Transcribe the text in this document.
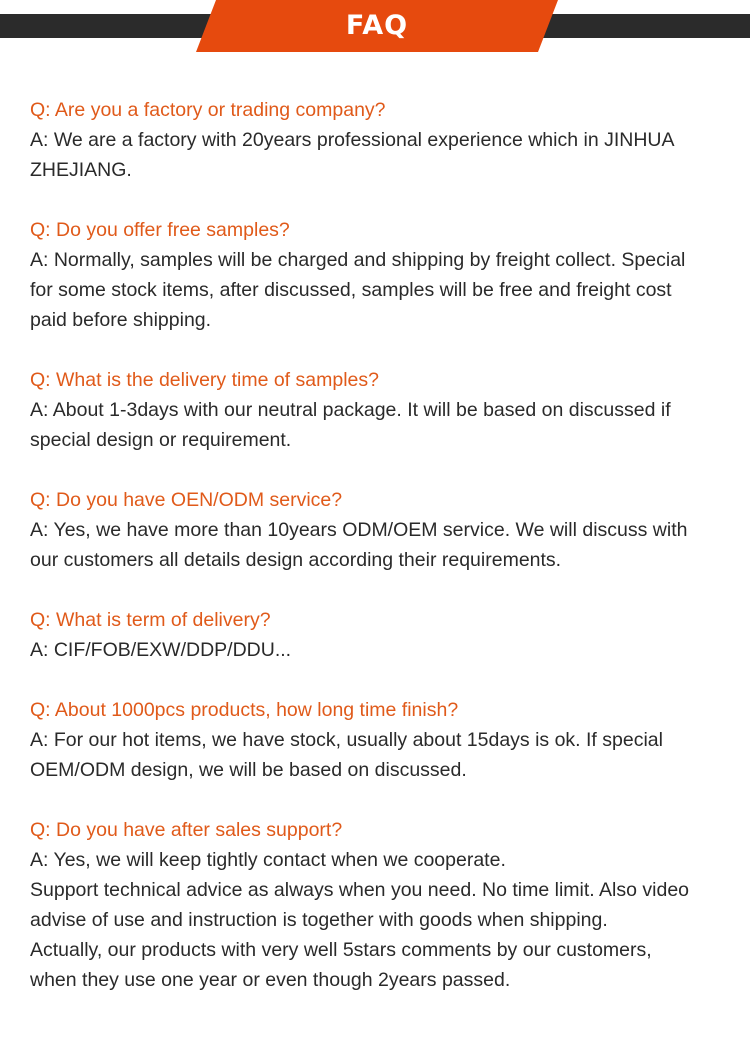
FAQ
Q: Are you a factory or trading company?
A: We are a factory with 20years professional experience which in JINHUA
ZHEJIANG.
Q: Do you offer free samples?
A: Normally, samples will be charged and shipping by freight collect. Special
for some stock items, after discussed, samples will be free and freight cost
paid before shipping.
Q: What is the delivery time of samples?
A: About 1-3days with our neutral package. It will be based on discussed if
special design or requirement.
Q: Do you have OEN/ODM service?
A: Yes, we have more than 10years ODM/OEM service. We will discuss with
our customers all details design according their requirements.
Q: What is term of delivery?
A: CIF/FOB/EXW/DDP/DDU...
Q: About 1000pcs products, how long time finish?
A: For our hot items, we have stock, usually about 15days is ok. If special
OEM/ODM design, we will be based on discussed.
Q: Do you have after sales support?
A: Yes, we will keep tightly contact when we cooperate.
Support technical advice as always when you need. No time limit. Also video
advise of use and instruction is together with goods when shipping.
Actually, our products with very well 5stars comments by our customers,
when they use one year or even though 2years passed.
